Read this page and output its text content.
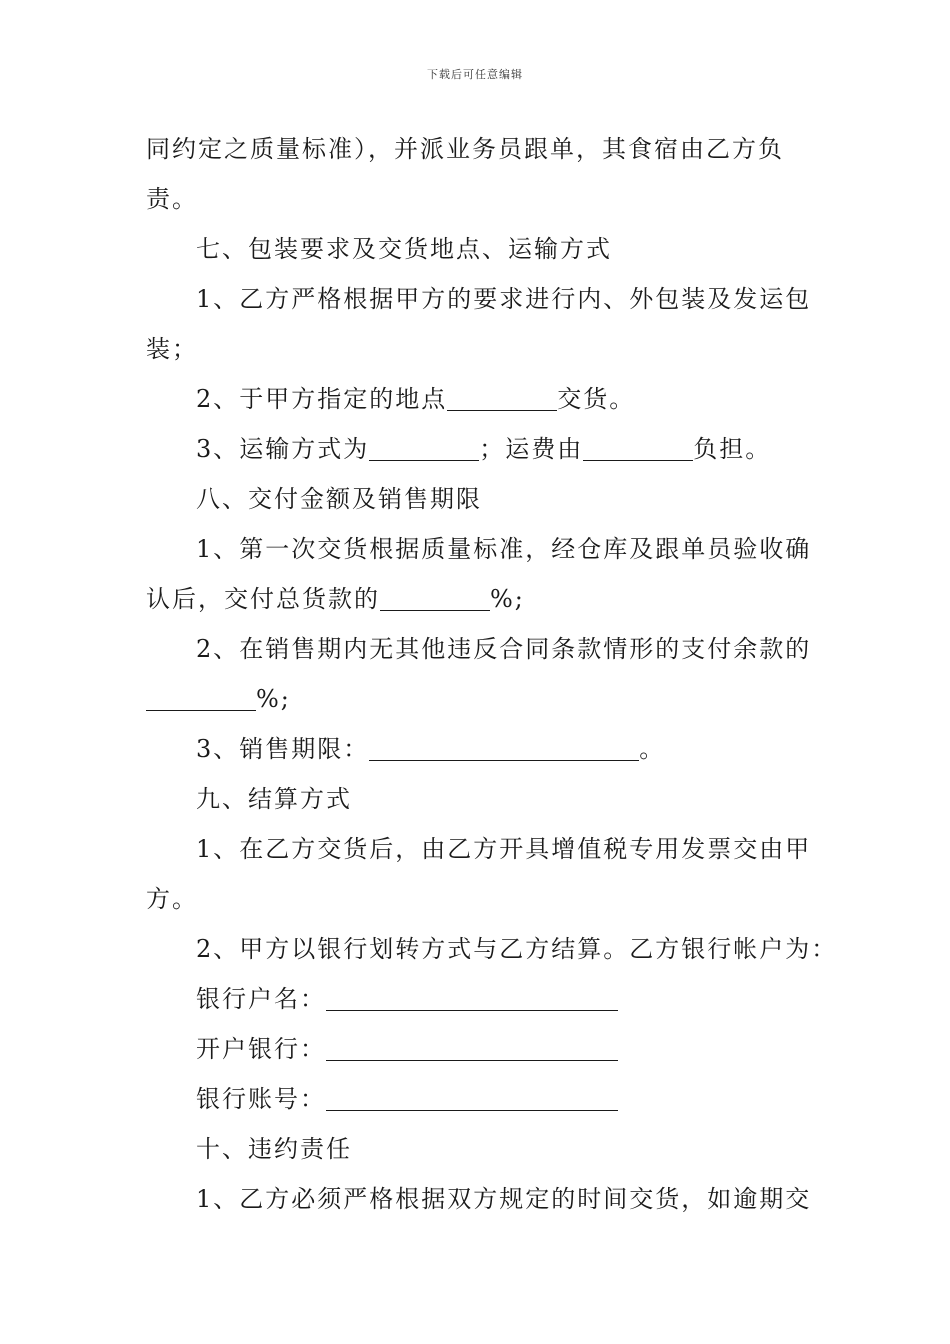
下载后可任意编辑
同约定之质量标准），并派业务员跟单，其食宿由乙方负
责。
七、包装要求及交货地点、运输方式
1、乙方严格根据甲方的要求进行内、外包装及发运包
装；
2、于甲方指定的地点	交货。
3、运输方式为	；运费由	负担。
八、交付金额及销售期限
1、第一次交货根据质量标准，经仓库及跟单员验收确
认后，交付总货款的	%;
2、在销售期内无其他违反合同条款情形的支付余款的
%;
3、销售期限：	。
九、结算方式
1、在乙方交货后，由乙方开具增值税专用发票交由甲
方。
2、甲方以银行划转方式与乙方结算。乙方银行帐户为：
银行户名：
开户银行：
银行账号：
十、违约责任
1、乙方必须严格根据双方规定的时间交货，如逾期交
